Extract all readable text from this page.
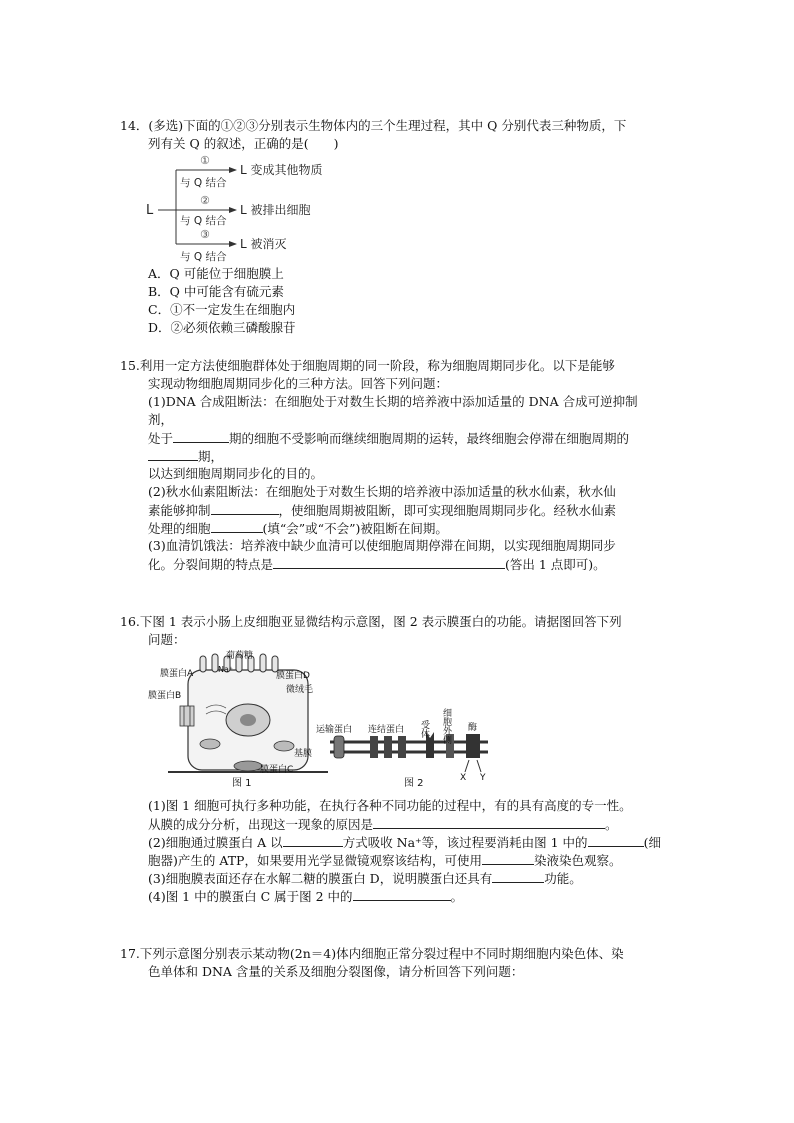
14．(多选)下面的①②③分别表示生物体内的三个生理过程，其中 Q 分别代表三种物质，下
列有关 Q 的叙述，正确的是(　　)
L
①
与 Q 结合
②
与 Q 结合
③
与 Q 结合
L 变成其他物质
L 被排出细胞
L 被消灭
A．Q 可能位于细胞膜上
B．Q 中可能含有硫元素
C．①不一定发生在细胞内
D．②必须依赖三磷酸腺苷
15.利用一定方法使细胞群体处于细胞周期的同一阶段，称为细胞周期同步化。以下是能够
实现动物细胞周期同步化的三种方法。回答下列问题：
(1)DNA 合成阻断法：在细胞处于对数生长期的培养液中添加适量的 DNA 合成可逆抑制
剂，
处于	期的细胞不受影响而继续细胞周期的运转，最终细胞会停滞在细胞周期的
期，
以达到细胞周期同步化的目的。
(2)秋水仙素阻断法：在细胞处于对数生长期的培养液中添加适量的秋水仙素，秋水仙
素能够抑制	，使细胞周期被阻断，即可实现细胞周期同步化。经秋水仙素
处理的细胞	(填“会”或“不会”)被阻断在间期。
(3)血清饥饿法：培养液中缺少血清可以使细胞周期停滞在间期，以实现细胞周期同步
化。分裂间期的特点是	(答出 1 点即可)。
16.下图 1 表示小肠上皮细胞亚显微结构示意图，图 2 表示膜蛋白的功能。请据图回答下列
问题：
葡萄糖
Na⁺
膜蛋白A	膜蛋白D
微绒毛
膜蛋白B
基膜
膜蛋白C
图 1
运输蛋白 连结蛋白 受体 细胞外侧 酶
X Y
图 2
(1)图 1 细胞可执行多种功能，在执行各种不同功能的过程中，有的具有高度的专一性。
从膜的成分分析，出现这一现象的原因是	。
(2)细胞通过膜蛋白 A 以	方式吸收 Na⁺等，该过程要消耗由图 1 中的	(细
胞器)产生的 ATP，如果要用光学显微镜观察该结构，可使用	染液染色观察。
(3)细胞膜表面还存在水解二糖的膜蛋白 D，说明膜蛋白还具有	功能。
(4)图 1 中的膜蛋白 C 属于图 2 中的	。
17.下列示意图分别表示某动物(2n＝4)体内细胞正常分裂过程中不同时期细胞内染色体、染
色单体和 DNA 含量的关系及细胞分裂图像，请分析回答下列问题：
